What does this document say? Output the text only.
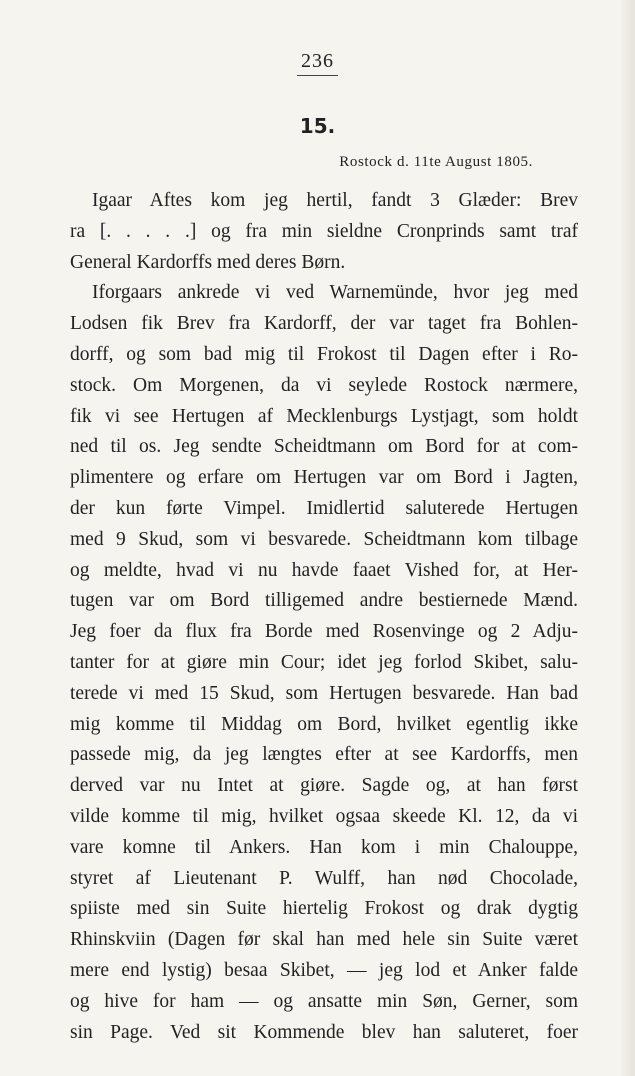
236
15.
Rostock d. 11te August 1805.
Igaar Aftes kom jeg hertil, fandt 3 Glæder: Brev
ra [. . . . .] og fra min sieldne Cronprinds samt traf
General Kardorffs med deres Børn.
Iforgaars ankrede vi ved Warnemünde, hvor jeg med
Lodsen fik Brev fra Kardorff, der var taget fra Bohlen-
dorff, og som bad mig til Frokost til Dagen efter i Ro-
stock. Om Morgenen, da vi seylede Rostock nærmere,
fik vi see Hertugen af Mecklenburgs Lystjagt, som holdt
ned til os. Jeg sendte Scheidtmann om Bord for at com-
plimentere og erfare om Hertugen var om Bord i Jagten,
der kun førte Vimpel. Imidlertid saluterede Hertugen
med 9 Skud, som vi besvarede. Scheidtmann kom tilbage
og meldte, hvad vi nu havde faaet Vished for, at Her-
tugen var om Bord tilligemed andre bestiernede Mænd.
Jeg foer da flux fra Borde med Rosenvinge og 2 Adju-
tanter for at giøre min Cour; idet jeg forlod Skibet, salu-
terede vi med 15 Skud, som Hertugen besvarede. Han bad
mig komme til Middag om Bord, hvilket egentlig ikke
passede mig, da jeg længtes efter at see Kardorffs, men
derved var nu Intet at giøre. Sagde og, at han først
vilde komme til mig, hvilket ogsaa skeede Kl. 12, da vi
vare komne til Ankers. Han kom i min Chalouppe,
styret af Lieutenant P. Wulff, han nød Chocolade,
spiiste med sin Suite hiertelig Frokost og drak dygtig
Rhinskviin (Dagen før skal han med hele sin Suite været
mere end lystig) besaa Skibet, — jeg lod et Anker falde
og hive for ham — og ansatte min Søn, Gerner, som
sin Page. Ved sit Kommende blev han saluteret, foer
